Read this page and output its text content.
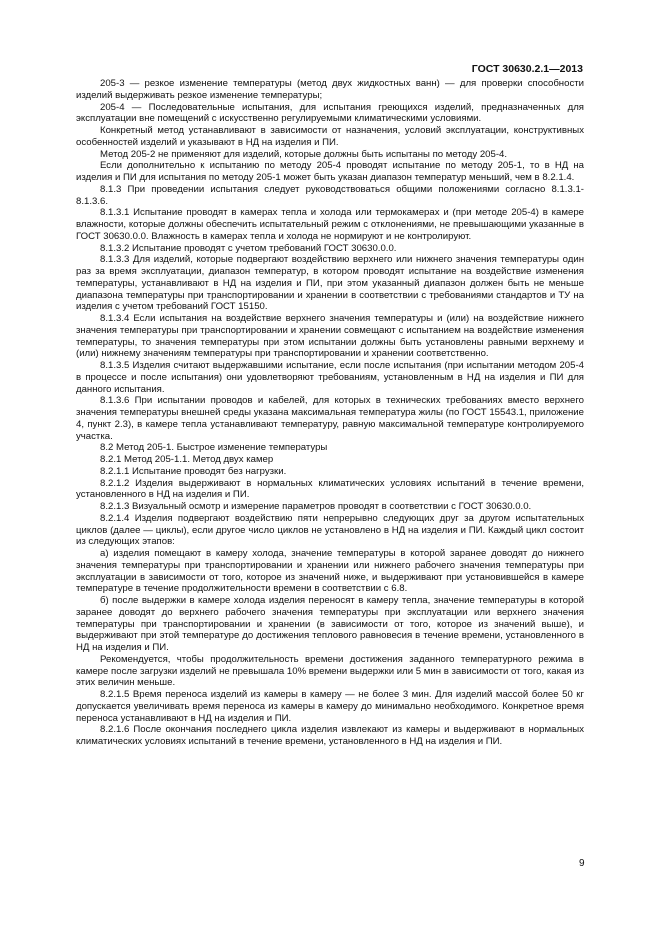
ГОСТ 30630.2.1—2013

205-3 — резкое изменение температуры (метод двух жидкостных ванн) — для проверки способности изделий выдерживать резкое изменение температуры;

205-4 — Последовательные испытания, для испытания греющихся изделий, предназначенных для эксплуатации вне помещений с искусственно регулируемыми климатическими условиями.

Конкретный метод устанавливают в зависимости от назначения, условий эксплуатации, конструктивных особенностей изделий и указывают в НД на изделия и ПИ.

Метод 205-2 не применяют для изделий, которые должны быть испытаны по методу 205-4.

Если дополнительно к испытанию по методу 205-4 проводят испытание по методу 205-1, то в НД на изделия и ПИ для испытания по методу 205-1 может быть указан диапазон температур меньший, чем в 8.2.1.4.

8.1.3 При проведении испытания следует руководствоваться общими положениями согласно 8.1.3.1-8.1.3.6.

8.1.3.1 Испытание проводят в камерах тепла и холода или термокамерах и (при методе 205-4) в камере влажности, которые должны обеспечить испытательный режим с отклонениями, не превышающими указанные в ГОСТ 30630.0.0. Влажность в камерах тепла и холода не нормируют и не контролируют.

8.1.3.2 Испытание проводят с учетом требований ГОСТ 30630.0.0.

8.1.3.3 Для изделий, которые подвергают воздействию верхнего или нижнего значения температуры один раз за время эксплуатации, диапазон температур, в котором проводят испытание на воздействие изменения температуры, устанавливают в НД на изделия и ПИ, при этом указанный диапазон должен быть не меньше диапазона температуры при транспортировании и хранении в соответствии с требованиями стандартов и ТУ на изделия с учетом требований ГОСТ 15150.

8.1.3.4 Если испытания на воздействие верхнего значения температуры и (или) на воздействие нижнего значения температуры при транспортировании и хранении совмещают с испытанием на воздействие изменения температуры, то значения температуры при этом испытании должны быть установлены равными верхнему и (или) нижнему значениям температуры при транспортировании и хранении соответственно.

8.1.3.5 Изделия считают выдержавшими испытание, если после испытания (при испытании методом 205-4 в процессе и после испытания) они удовлетворяют требованиям, установленным в НД на изделия и ПИ для данного испытания.

8.1.3.6 При испытании проводов и кабелей, для которых в технических требованиях вместо верхнего значения температуры внешней среды указана максимальная температура жилы (по ГОСТ 15543.1, приложение 4, пункт 2.3), в камере тепла устанавливают температуру, равную максимальной температуре контролируемого участка.

8.2 Метод 205-1. Быстрое изменение температуры

8.2.1 Метод 205-1.1. Метод двух камер

8.2.1.1 Испытание проводят без нагрузки.

8.2.1.2 Изделия выдерживают в нормальных климатических условиях испытаний в течение времени, установленного в НД на изделия и ПИ.

8.2.1.3 Визуальный осмотр и измерение параметров проводят в соответствии с ГОСТ 30630.0.0.

8.2.1.4 Изделия подвергают воздействию пяти непрерывно следующих друг за другом испытательных циклов (далее — циклы), если другое число циклов не установлено в НД на изделия и ПИ. Каждый цикл состоит из следующих этапов:

а) изделия помещают в камеру холода, значение температуры в которой заранее доводят до нижнего значения температуры при транспортировании и хранении или нижнего рабочего значения температуры при эксплуатации в зависимости от того, которое из значений ниже, и выдерживают при установившейся в камере температуре в течение продолжительности времени в соответствии с 6.8.

б) после выдержки в камере холода изделия переносят в камеру тепла, значение температуры в которой заранее доводят до верхнего рабочего значения температуры при эксплуатации или верхнего значения температуры при транспортировании и хранении (в зависимости от того, которое из значений выше), и выдерживают при этой температуре до достижения теплового равновесия в течение времени, установленного в НД на изделия и ПИ.

Рекомендуется, чтобы продолжительность времени достижения заданного температурного режима в камере после загрузки изделий не превышала 10% времени выдержки или 5 мин в зависимости от того, какая из этих величин меньше.

8.2.1.5 Время переноса изделий из камеры в камеру — не более 3 мин. Для изделий массой более 50 кг допускается увеличивать время переноса из камеры в камеру до минимально необходимого. Конкретное время переноса устанавливают в НД на изделия и ПИ.

8.2.1.6 После окончания последнего цикла изделия извлекают из камеры и выдерживают в нормальных климатических условиях испытаний в течение времени, установленного в НД на изделия и ПИ.

9
